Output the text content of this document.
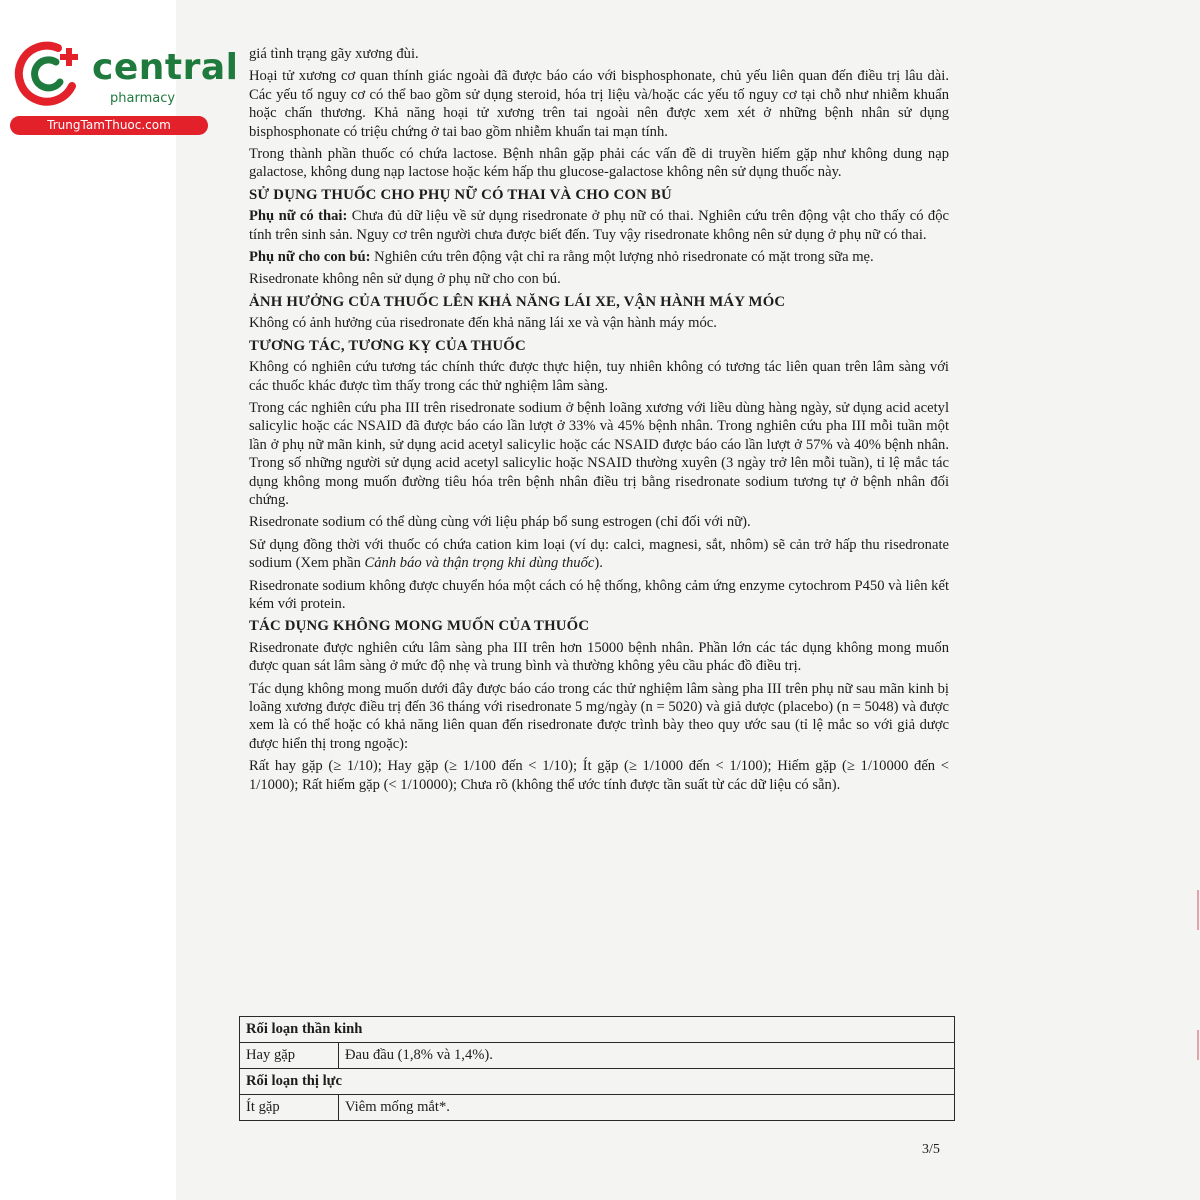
central
pharmacy
TrungTamThuoc.com

giá tình trạng gãy xương đùi.

Hoại tử xương cơ quan thính giác ngoài đã được báo cáo với bisphosphonate, chủ yếu liên quan đến điều trị lâu dài. Các yếu tố nguy cơ có thể bao gồm sử dụng steroid, hóa trị liệu và/hoặc các yếu tố nguy cơ tại chỗ như nhiễm khuẩn hoặc chấn thương. Khả năng hoại tử xương trên tai ngoài nên được xem xét ở những bệnh nhân sử dụng bisphosphonate có triệu chứng ở tai bao gồm nhiễm khuẩn tai mạn tính.

Trong thành phần thuốc có chứa lactose. Bệnh nhân gặp phải các vấn đề di truyền hiếm gặp như không dung nạp galactose, không dung nạp lactose hoặc kém hấp thu glucose-galactose không nên sử dụng thuốc này.

SỬ DỤNG THUỐC CHO PHỤ NỮ CÓ THAI VÀ CHO CON BÚ

Phụ nữ có thai: Chưa đủ dữ liệu về sử dụng risedronate ở phụ nữ có thai. Nghiên cứu trên động vật cho thấy có độc tính trên sinh sản. Nguy cơ trên người chưa được biết đến. Tuy vậy risedronate không nên sử dụng ở phụ nữ có thai.

Phụ nữ cho con bú: Nghiên cứu trên động vật chỉ ra rằng một lượng nhỏ risedronate có mặt trong sữa mẹ.

Risedronate không nên sử dụng ở phụ nữ cho con bú.

ẢNH HƯỞNG CỦA THUỐC LÊN KHẢ NĂNG LÁI XE, VẬN HÀNH MÁY MÓC

Không có ảnh hưởng của risedronate đến khả năng lái xe và vận hành máy móc.

TƯƠNG TÁC, TƯƠNG KỴ CỦA THUỐC

Không có nghiên cứu tương tác chính thức được thực hiện, tuy nhiên không có tương tác liên quan trên lâm sàng với các thuốc khác được tìm thấy trong các thử nghiệm lâm sàng.

Trong các nghiên cứu pha III trên risedronate sodium ở bệnh loãng xương với liều dùng hàng ngày, sử dụng acid acetyl salicylic hoặc các NSAID đã được báo cáo lần lượt ở 33% và 45% bệnh nhân. Trong nghiên cứu pha III mỗi tuần một lần ở phụ nữ mãn kinh, sử dụng acid acetyl salicylic hoặc các NSAID được báo cáo lần lượt ở 57% và 40% bệnh nhân. Trong số những người sử dụng acid acetyl salicylic hoặc NSAID thường xuyên (3 ngày trở lên mỗi tuần), tỉ lệ mắc tác dụng không mong muốn đường tiêu hóa trên bệnh nhân điều trị bằng risedronate sodium tương tự ở bệnh nhân đối chứng.

Risedronate sodium có thể dùng cùng với liệu pháp bổ sung estrogen (chỉ đối với nữ).

Sử dụng đồng thời với thuốc có chứa cation kim loại (ví dụ: calci, magnesi, sắt, nhôm) sẽ cản trở hấp thu risedronate sodium (Xem phần Cảnh báo và thận trọng khi dùng thuốc).

Risedronate sodium không được chuyển hóa một cách có hệ thống, không cảm ứng enzyme cytochrom P450 và liên kết kém với protein.

TÁC DỤNG KHÔNG MONG MUỐN CỦA THUỐC

Risedronate được nghiên cứu lâm sàng pha III trên hơn 15000 bệnh nhân. Phần lớn các tác dụng không mong muốn được quan sát lâm sàng ở mức độ nhẹ và trung bình và thường không yêu cầu phác đồ điều trị.

Tác dụng không mong muốn dưới đây được báo cáo trong các thử nghiệm lâm sàng pha III trên phụ nữ sau mãn kinh bị loãng xương được điều trị đến 36 tháng với risedronate 5 mg/ngày (n = 5020) và giả dược (placebo) (n = 5048) và được xem là có thể hoặc có khả năng liên quan đến risedronate được trình bày theo quy ước sau (tỉ lệ mắc so với giả dược được hiển thị trong ngoặc):

Rất hay gặp (≥ 1/10); Hay gặp (≥ 1/100 đến < 1/10); Ít gặp (≥ 1/1000 đến < 1/100); Hiếm gặp (≥ 1/10000 đến < 1/1000); Rất hiếm gặp (< 1/10000); Chưa rõ (không thể ước tính được tần suất từ các dữ liệu có sẵn).

Rối loạn thần kinh	
Hay gặp	Đau đầu (1,8% và 1,4%).
Rối loạn thị lực	
Ít gặp	Viêm mống mắt*.
3/5
